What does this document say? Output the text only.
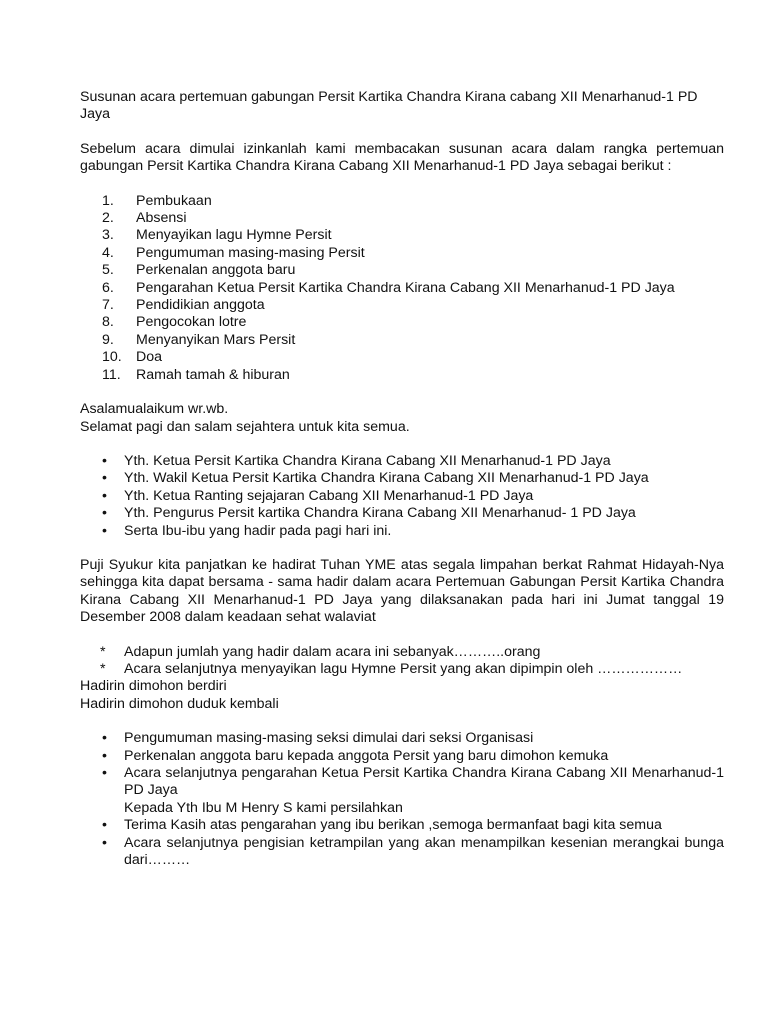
Susunan acara pertemuan gabungan Persit Kartika Chandra Kirana cabang XII Menarhanud-1 PD Jaya

Sebelum acara dimulai izinkanlah kami membacakan susunan acara dalam rangka pertemuan gabungan Persit Kartika Chandra Kirana Cabang XII Menarhanud-1 PD Jaya sebagai berikut :

1. Pembukaan
2. Absensi
3. Menyayikan lagu Hymne Persit
4. Pengumuman masing-masing Persit
5. Perkenalan anggota baru
6. Pengarahan Ketua Persit Kartika Chandra Kirana Cabang XII Menarhanud-1 PD Jaya
7. Pendidikian anggota
8. Pengocokan lotre
9. Menyanyikan Mars Persit
10. Doa
11. Ramah tamah & hiburan

Asalamualaikum wr.wb.

Selamat pagi dan salam sejahtera untuk kita semua.

• Yth. Ketua Persit Kartika Chandra Kirana Cabang XII Menarhanud-1 PD Jaya
• Yth. Wakil Ketua Persit Kartika Chandra Kirana Cabang XII Menarhanud-1 PD Jaya
• Yth. Ketua Ranting sejajaran Cabang XII Menarhanud-1 PD Jaya
• Yth. Pengurus Persit kartika Chandra Kirana Cabang XII Menarhanud- 1 PD Jaya
• Serta Ibu-ibu yang hadir pada pagi hari ini.

Puji Syukur kita panjatkan ke hadirat Tuhan YME atas segala limpahan berkat Rahmat Hidayah-Nya sehingga kita dapat bersama - sama hadir dalam acara Pertemuan Gabungan Persit Kartika Chandra Kirana Cabang XII Menarhanud-1 PD Jaya yang dilaksanakan pada hari ini Jumat tanggal 19 Desember 2008 dalam keadaan sehat walaviat

* Adapun jumlah yang hadir dalam acara ini sebanyak………..orang
* Acara selanjutnya menyayikan lagu Hymne Persit yang akan dipimpin oleh ………………

Hadirin dimohon berdiri

Hadirin dimohon duduk kembali

• Pengumuman masing-masing seksi dimulai dari seksi Organisasi
• Perkenalan anggota baru kepada anggota Persit yang baru dimohon kemuka
• Acara selanjutnya pengarahan Ketua Persit Kartika Chandra Kirana Cabang XII Menarhanud-1 PD Jaya
Kepada Yth Ibu M Henry S kami persilahkan
• Terima Kasih atas pengarahan yang ibu berikan ,semoga bermanfaat bagi kita semua
• Acara selanjutnya pengisian ketrampilan yang akan menampilkan kesenian merangkai bunga dari………
